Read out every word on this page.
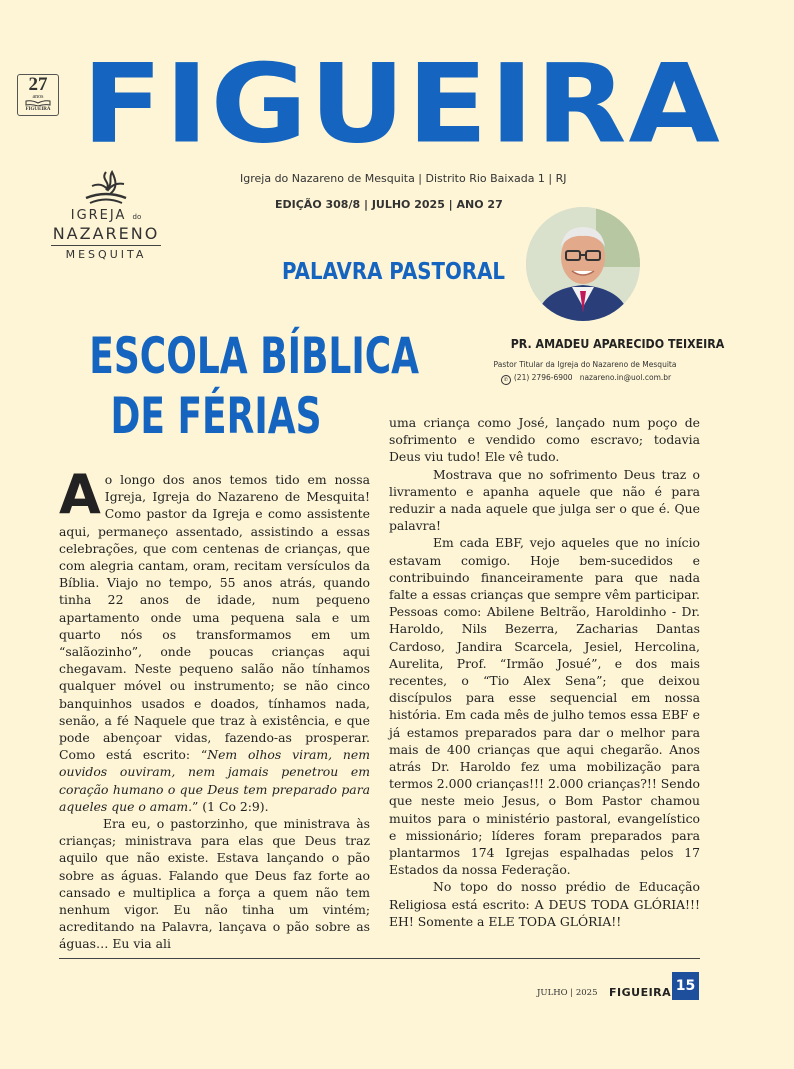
27
anos
FIGUEIRA FIGUEIRA
Igreja do Nazareno de Mesquita | Distrito Rio Baixada 1 | RJ
EDIÇÃO 308/8 | JULHO 2025 | ANO 27
IGREJA do
NAZARENO
MESQUITA
PALAVRA PASTORAL
PR. AMADEU APARECIDO TEIXEIRA
Pastor Titular da Igreja do Nazareno de Mesquita
✆ (21) 2796-6900 nazareno.in@uol.com.br
ESCOLA BÍBLICA
DE FÉRIAS

Ao longo dos anos temos tido em nossa Igreja, Igreja do Nazareno de Mesquita! Como pastor da Igreja e como assistente aqui, permaneço assentado, assistindo a essas celebrações, que com centenas de crianças, que com alegria cantam, oram, recitam versículos da Bíblia. Viajo no tempo, 55 anos atrás, quando tinha 22 anos de idade, num pequeno apartamento onde uma pequena sala e um quarto nós os transformamos em um “salãozinho”, onde poucas crianças aqui chegavam. Neste pequeno salão não tínhamos qualquer móvel ou instrumento; se não cinco banquinhos usados e doados, tínhamos nada, senão, a fé Naquele que traz à existência, e que pode abençoar vidas, fazendo-as prosperar. Como está escrito: “Nem olhos viram, nem ouvidos ouviram, nem jamais penetrou em coração humano o que Deus tem preparado para aqueles que o amam.” (1 Co 2:9).

Era eu, o pastorzinho, que ministrava às crianças; ministrava para elas que Deus traz aquilo que não existe. Estava lançando o pão sobre as águas. Falando que Deus faz forte ao cansado e multiplica a força a quem não tem nenhum vigor. Eu não tinha um vintém; acreditando na Palavra, lançava o pão sobre as águas… Eu via ali

uma criança como José, lançado num poço de sofrimento e vendido como escravo; todavia Deus viu tudo! Ele vê tudo.

Mostrava que no sofrimento Deus traz o livramento e apanha aquele que não é para reduzir a nada aquele que julga ser o que é. Que palavra!

Em cada EBF, vejo aqueles que no início estavam comigo. Hoje bem-sucedidos e contribuindo financeiramente para que nada falte a essas crianças que sempre vêm participar. Pessoas como: Abilene Beltrão, Haroldinho - Dr. Haroldo, Nils Bezerra, Zacharias Dantas Cardoso, Jandira Scarcela, Jesiel, Hercolina, Aurelita, Prof. “Irmão Josué”, e dos mais recentes, o “Tio Alex Sena”; que deixou discípulos para esse sequencial em nossa história. Em cada mês de julho temos essa EBF e já estamos preparados para dar o melhor para mais de 400 crianças que aqui chegarão. Anos atrás Dr. Haroldo fez uma mobilização para termos 2.000 crianças!!! 2.000 crianças?!! Sendo que neste meio Jesus, o Bom Pastor chamou muitos para o ministério pastoral, evangelístico e missionário; líderes foram preparados para plantarmos 174 Igrejas espalhadas pelos 17 Estados da nossa Federação.

No topo do nosso prédio de Educação Religiosa está escrito: A DEUS TODA GLÓRIA!!! EH! Somente a ELE TODA GLÓRIA!!

JULHO | 2025 FIGUEIRA 15
